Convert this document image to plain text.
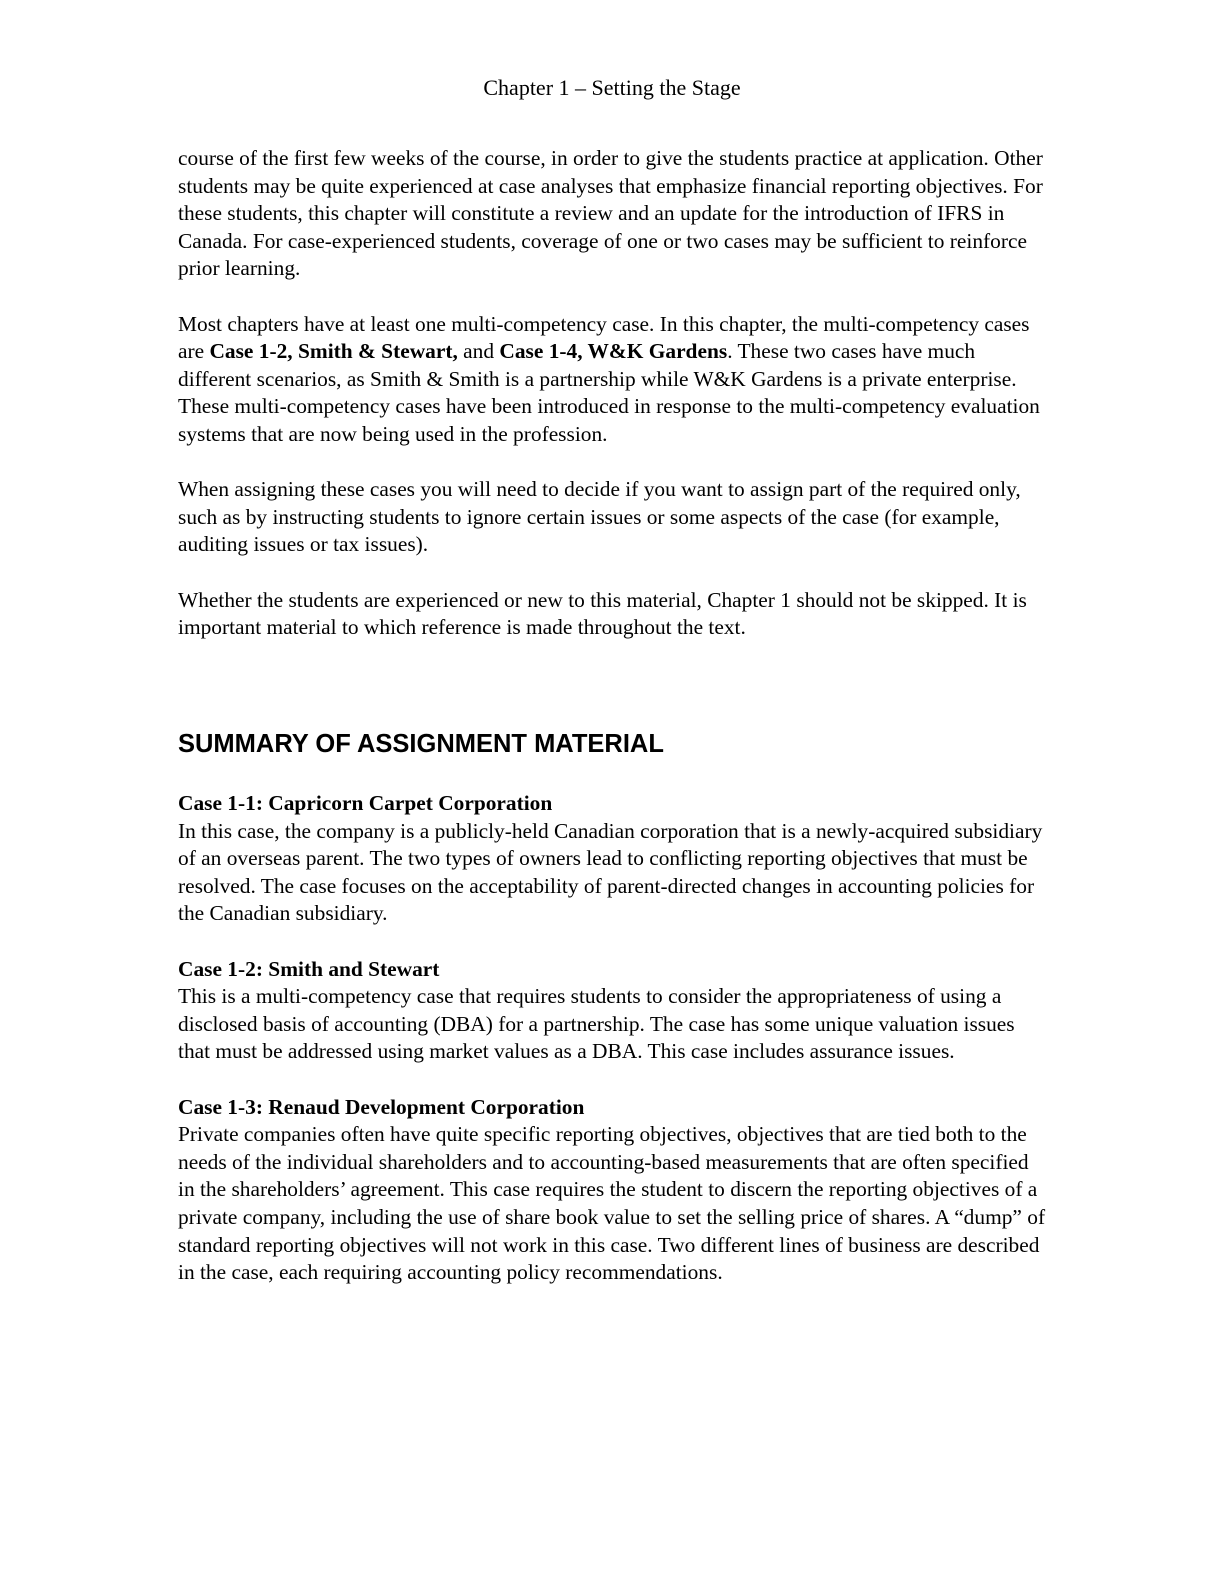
Chapter 1 – Setting the Stage

course of the first few weeks of the course, in order to give the students practice at application. Other students may be quite experienced at case analyses that emphasize financial reporting objectives. For these students, this chapter will constitute a review and an update for the introduction of IFRS in Canada. For case-experienced students, coverage of one or two cases may be sufficient to reinforce prior learning.

Most chapters have at least one multi-competency case. In this chapter, the multi-competency cases are Case 1-2, Smith & Stewart, and Case 1-4, W&K Gardens. These two cases have much different scenarios, as Smith & Smith is a partnership while W&K Gardens is a private enterprise. These multi-competency cases have been introduced in response to the multi-competency evaluation systems that are now being used in the profession.

When assigning these cases you will need to decide if you want to assign part of the required only, such as by instructing students to ignore certain issues or some aspects of the case (for example, auditing issues or tax issues).

Whether the students are experienced or new to this material, Chapter 1 should not be skipped. It is important material to which reference is made throughout the text.

SUMMARY OF ASSIGNMENT MATERIAL

Case 1-1: Capricorn Carpet Corporation

In this case, the company is a publicly-held Canadian corporation that is a newly-acquired subsidiary of an overseas parent. The two types of owners lead to conflicting reporting objectives that must be resolved. The case focuses on the acceptability of parent-directed changes in accounting policies for the Canadian subsidiary.

Case 1-2: Smith and Stewart

This is a multi-competency case that requires students to consider the appropriateness of using a disclosed basis of accounting (DBA) for a partnership. The case has some unique valuation issues that must be addressed using market values as a DBA. This case includes assurance issues.

Case 1-3: Renaud Development Corporation

Private companies often have quite specific reporting objectives, objectives that are tied both to the needs of the individual shareholders and to accounting-based measurements that are often specified in the shareholders’ agreement. This case requires the student to discern the reporting objectives of a private company, including the use of share book value to set the selling price of shares. A “dump” of standard reporting objectives will not work in this case. Two different lines of business are described in the case, each requiring accounting policy recommendations.
